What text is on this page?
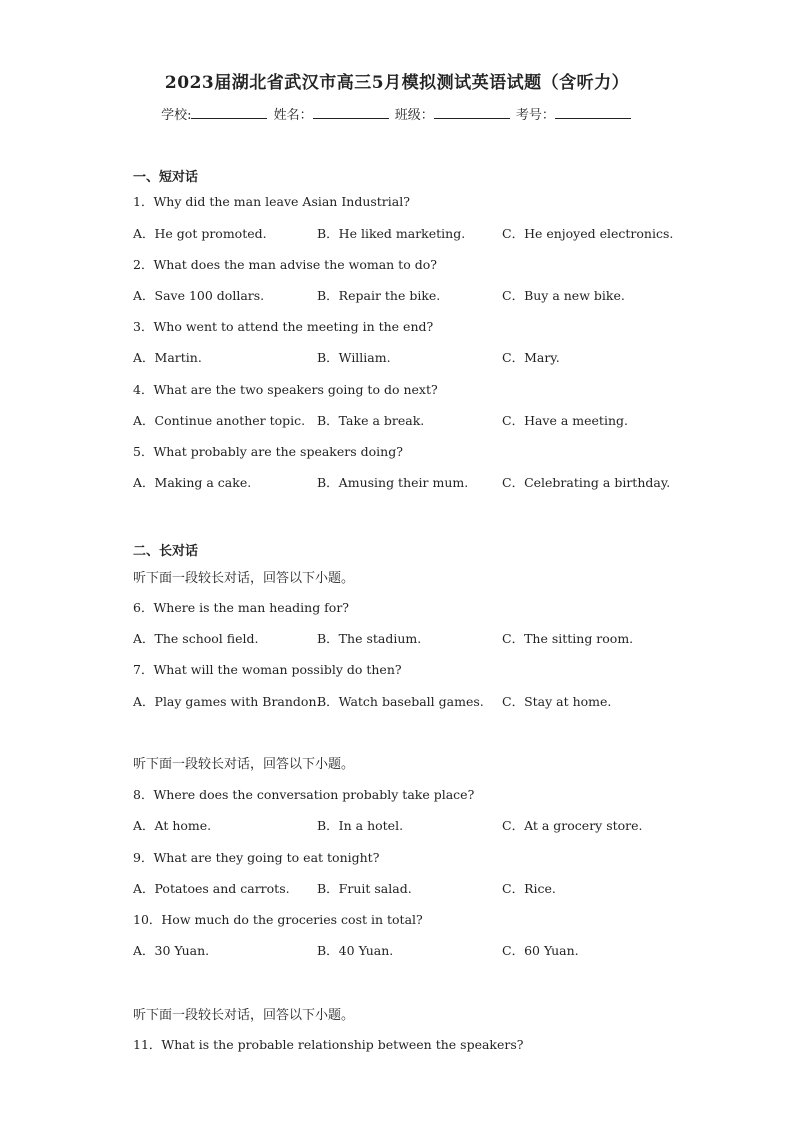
2023届湖北省武汉市高三5月模拟测试英语试题（含听力）
学校:	姓名：	班级：	考号：
一、短对话
1．Why did the man leave Asian Industrial?
A．He got promoted.	B．He liked marketing.	C．He enjoyed electronics.
2．What does the man advise the woman to do?
A．Save 100 dollars.	B．Repair the bike.	C．Buy a new bike.
3．Who went to attend the meeting in the end?
A．Martin.	B．William.	C．Mary.
4．What are the two speakers going to do next?
A．Continue another topic. B．Take a break.	C．Have a meeting.
5．What probably are the speakers doing?
A．Making a cake.	B．Amusing their mum.	C．Celebrating a birthday.
二、长对话
听下面一段较长对话，回答以下小题。
6．Where is the man heading for?
A．The school field.	B．The stadium.	C．The sitting room.
7．What will the woman possibly do then?
A．Play games with Brandon.
B．Watch baseball games. C．Stay at home.
听下面一段较长对话，回答以下小题。
8．Where does the conversation probably take place?
A．At home.	B．In a hotel.	C．At a grocery store.
9．What are they going to eat tonight?
A．Potatoes and carrots. B．Fruit salad.	C．Rice.
10．How much do the groceries cost in total?
A．30 Yuan.	B．40 Yuan.	C．60 Yuan.
听下面一段较长对话，回答以下小题。
11．What is the probable relationship between the speakers?
